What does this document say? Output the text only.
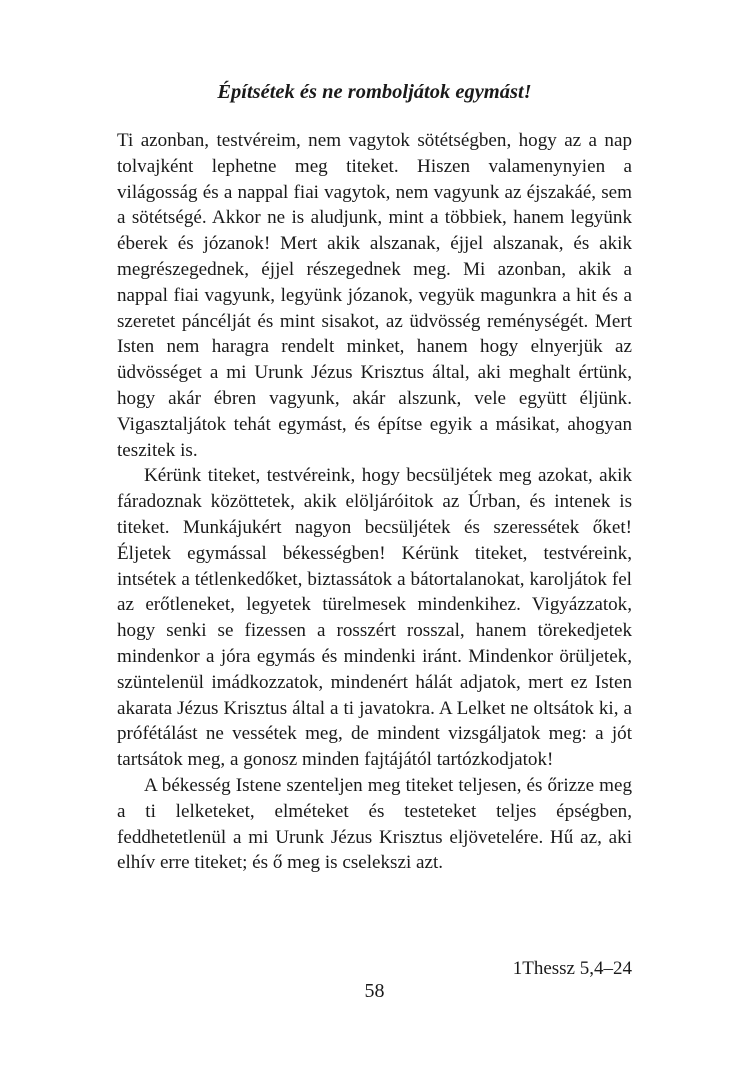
Építsétek és ne romboljátok egymást!

Ti azonban, testvéreim, nem vagytok sötétségben, hogy az a nap tolvajként lephetne meg titeket. Hiszen valamenynyien a világosság és a nappal fiai vagytok, nem vagyunk az éjszakáé, sem a sötétségé. Akkor ne is aludjunk, mint a többiek, hanem legyünk éberek és józanok! Mert akik alszanak, éjjel alszanak, és akik megrészegednek, éjjel részegednek meg. Mi azonban, akik a nappal fiai vagyunk, legyünk józanok, vegyük magunkra a hit és a szeretet páncélját és mint sisakot, az üdvösség reménységét. Mert Isten nem haragra rendelt minket, hanem hogy elnyerjük az üdvösséget a mi Urunk Jézus Krisztus által, aki meghalt értünk, hogy akár ébren vagyunk, akár alszunk, vele együtt éljünk. Vigasztaljátok tehát egymást, és építse egyik a másikat, ahogyan teszitek is.

Kérünk titeket, testvéreink, hogy becsüljétek meg azokat, akik fáradoznak közöttetek, akik elöljáróitok az Úrban, és intenek is titeket. Munkájukért nagyon becsüljétek és szeressétek őket! Éljetek egymással békességben! Kérünk titeket, testvéreink, intsétek a tétlenkedőket, biztassátok a bátortalanokat, karoljátok fel az erőtleneket, legyetek türelmesek mindenkihez. Vigyázzatok, hogy senki se fizessen a rosszért rosszal, hanem törekedjetek mindenkor a jóra egymás és mindenki iránt. Mindenkor örüljetek, szüntelenül imádkozzatok, mindenért hálát adjatok, mert ez Isten akarata Jézus Krisztus által a ti javatokra. A Lelket ne oltsátok ki, a prófétálást ne vessétek meg, de mindent vizsgáljatok meg: a jót tartsátok meg, a gonosz minden fajtájától tartózkodjatok!

A békesség Istene szenteljen meg titeket teljesen, és őrizze meg a ti lelketeket, elméteket és testeteket teljes épségben, feddhetetlenül a mi Urunk Jézus Krisztus eljövetelére. Hű az, aki elhív erre titeket; és ő meg is cselekszi azt.

1Thessz 5,4–24
58
